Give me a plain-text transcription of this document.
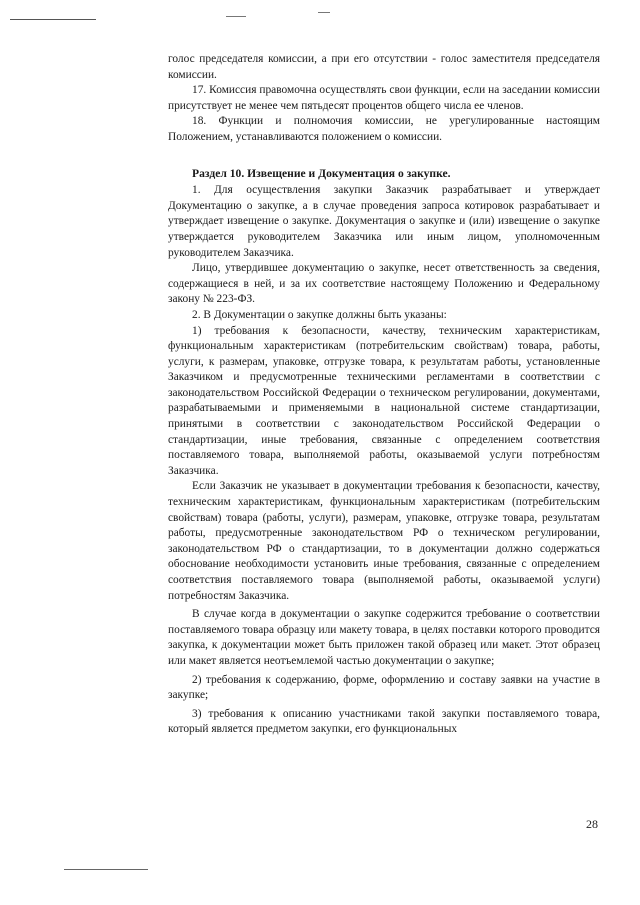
голос председателя комиссии, а при его отсутствии - голос заместителя председателя комиссии.

17. Комиссия правомочна осуществлять свои функции, если на заседании комиссии присутствует не менее чем пятьдесят процентов общего числа ее членов.

18. Функции и полномочия комиссии, не урегулированные настоящим Положением, устанавливаются положением о комиссии.

Раздел 10. Извещение и Документация о закупке.

1. Для осуществления закупки Заказчик разрабатывает и утверждает Документацию о закупке, а в случае проведения запроса котировок разрабатывает и утверждает извещение о закупке. Документация о закупке и (или) извещение о закупке утверждается руководителем Заказчика или иным лицом, уполномоченным руководителем Заказчика.

Лицо, утвердившее документацию о закупке, несет ответственность за сведения, содержащиеся в ней, и за их соответствие настоящему Положению и Федеральному закону № 223-ФЗ.

2. В Документации о закупке должны быть указаны:

1) требования к безопасности, качеству, техническим характеристикам, функциональным характеристикам (потребительским свойствам) товара, работы, услуги, к размерам, упаковке, отгрузке товара, к результатам работы, установленные Заказчиком и предусмотренные техническими регламентами в соответствии с законодательством Российской Федерации о техническом регулировании, документами, разрабатываемыми и применяемыми в национальной системе стандартизации, принятыми в соответствии с законодательством Российской Федерации о стандартизации, иные требования, связанные с определением соответствия поставляемого товара, выполняемой работы, оказываемой услуги потребностям Заказчика.

Если Заказчик не указывает в документации требования к безопасности, качеству, техническим характеристикам, функциональным характеристикам (потребительским свойствам) товара (работы, услуги), размерам, упаковке, отгрузке товара, результатам работы, предусмотренные законодательством РФ о техническом регулировании, законодательством РФ о стандартизации, то в документации должно содержаться обоснование необходимости установить иные требования, связанные с определением соответствия поставляемого товара (выполняемой работы, оказываемой услуги) потребностям Заказчика.

В случае когда в документации о закупке содержится требование о соответствии поставляемого товара образцу или макету товара, в целях поставки которого проводится закупка, к документации может быть приложен такой образец или макет. Этот образец или макет является неотъемлемой частью документации о закупке;

2) требования к содержанию, форме, оформлению и составу заявки на участие в закупке;

3) требования к описанию участниками такой закупки поставляемого товара, который является предметом закупки, его функциональных

28
